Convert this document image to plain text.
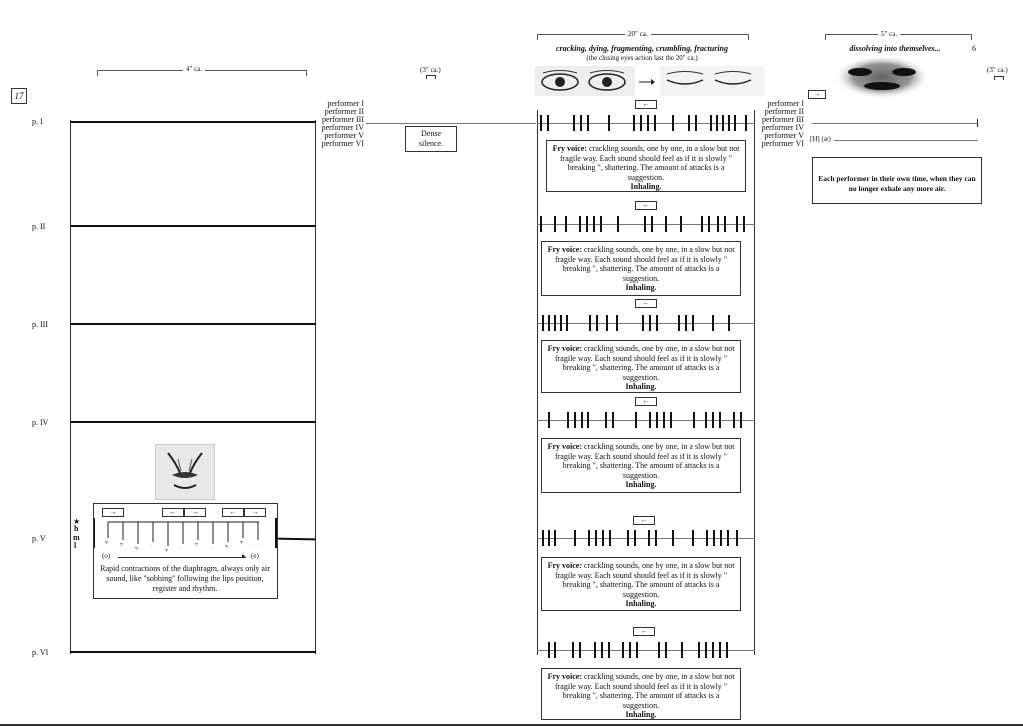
17
6
p. I
p. II
p. III
p. IV
p. V
p. VI
4" ca.
→	←	→	←	→
▿ ▿
▿ ·
▿ ·
▿
· ▿
▿ ·
(o)	▸ (e)
Rapid contractions of the diaphragm, always only air sound, like "sobbing" following the lips position, register and rhythm.
★
h
m
l
(3" ca.)
performer I
performer II
performer III
performer IV
performer V
performer VI
Dense silence.
20" ca.
cracking, dying, fragmenting, crumbling, fracturing
(the closing eyes action last the 20" ca.)
←
Fry voice: crackling sounds, one by one, in a slow but not fragile way. Each sound should feel as if it is slowly " breaking ", shattering. The amount of attacks is a suggestion.
Inhaling.
←
Fry voice: crackling sounds, one by one, in a slow but not fragile way. Each sound should feel as if it is slowly " breaking ", shattering. The amount of attacks is a suggestion.
Inhaling.
←
Fry voice: crackling sounds, one by one, in a slow but not fragile way. Each sound should feel as if it is slowly " breaking ", shattering. The amount of attacks is a suggestion.
Inhaling.
←
Fry voice: crackling sounds, one by one, in a slow but not fragile way. Each sound should feel as if it is slowly " breaking ", shattering. The amount of attacks is a suggestion.
Inhaling.
←
Fry voice: crackling sounds, one by one, in a slow but not fragile way. Each sound should feel as if it is slowly " breaking ", shattering. The amount of attacks is a suggestion.
Inhaling.
←
Fry voice: crackling sounds, one by one, in a slow but not fragile way. Each sound should feel as if it is slowly " breaking ", shattering. The amount of attacks is a suggestion.
Inhaling.
5" ca.
dissolving into themselves...
→
(3" ca.)
performer I
performer II
performer III
performer IV
performer V
performer VI [H] (æ)
Each performer in their own time, when they can no longer exhale any more air.
